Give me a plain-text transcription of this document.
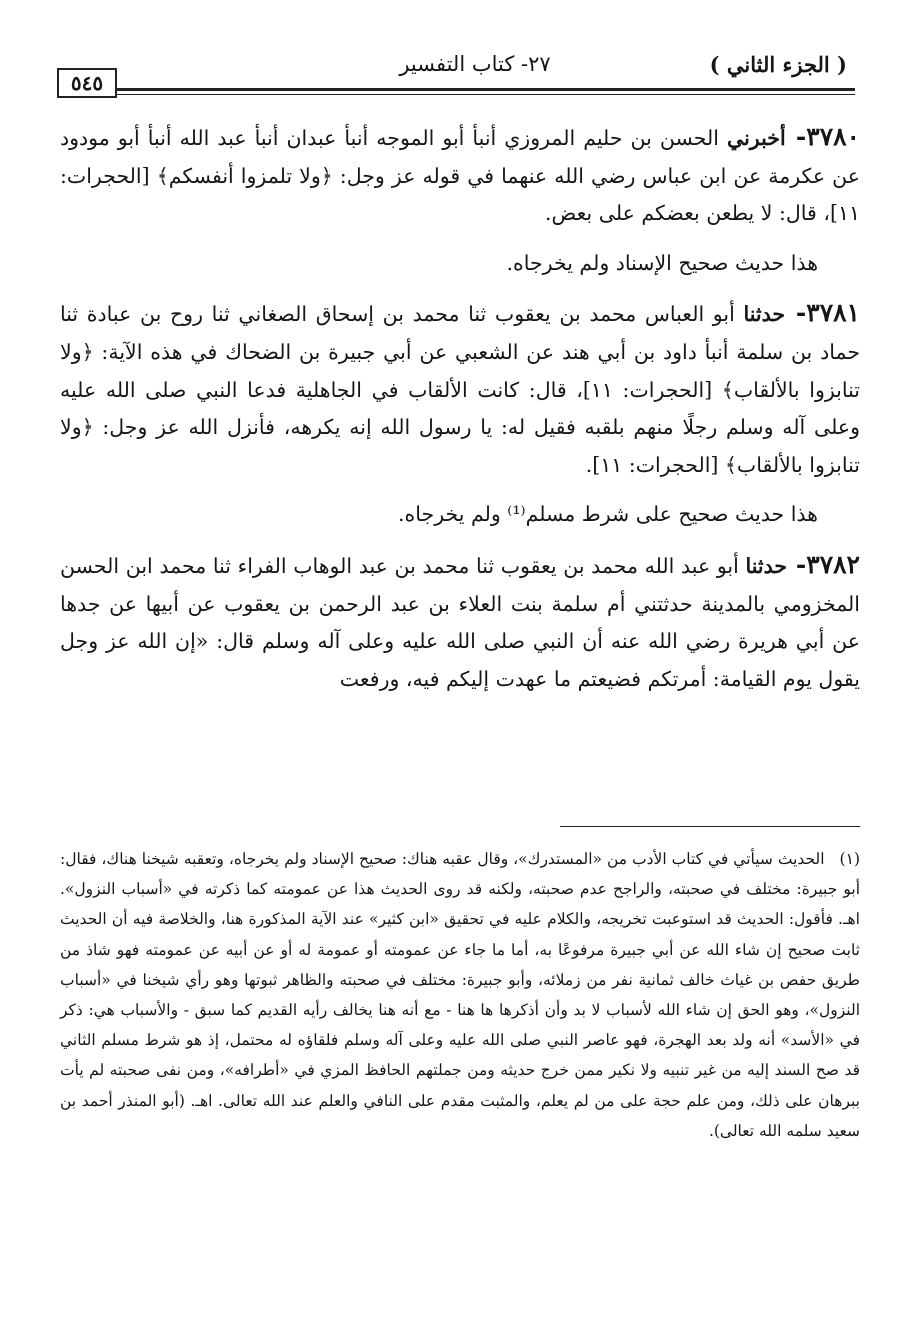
( الجزء الثاني )
٢٧- كتاب التفسير
٥٤٥

٣٧٨٠- أخبرني الحسن بن حليم المروزي أنبأ أبو الموجه أنبأ عبدان أنبأ عبد الله أنبأ أبو مودود عن عكرمة عن ابن عباس رضي الله عنهما في قوله عز وجل: ﴿ولا تلمزوا أنفسكم﴾ [الحجرات: ١١]، قال: لا يطعن بعضكم على بعض.

هذا حديث صحيح الإسناد ولم يخرجاه.

٣٧٨١- حدثنا أبو العباس محمد بن يعقوب ثنا محمد بن إسحاق الصغاني ثنا روح بن عبادة ثنا حماد بن سلمة أنبأ داود بن أبي هند عن الشعبي عن أبي جبيرة بن الضحاك في هذه الآية: ﴿ولا تنابزوا بالألقاب﴾ [الحجرات: ١١]، قال: كانت الألقاب في الجاهلية فدعا النبي صلى الله عليه وعلى آله وسلم رجلًا منهم بلقبه فقيل له: يا رسول الله إنه يكرهه، فأنزل الله عز وجل: ﴿ولا تنابزوا بالألقاب﴾ [الحجرات: ١١].

هذا حديث صحيح على شرط مسلم⁽¹⁾ ولم يخرجاه.

٣٧٨٢- حدثنا أبو عبد الله محمد بن يعقوب ثنا محمد بن عبد الوهاب الفراء ثنا محمد ابن الحسن المخزومي بالمدينة حدثتني أم سلمة بنت العلاء بن عبد الرحمن بن يعقوب عن أبيها عن جدها عن أبي هريرة رضي الله عنه أن النبي صلى الله عليه وعلى آله وسلم قال: «إن الله عز وجل يقول يوم القيامة: أمرتكم فضيعتم ما عهدت إليكم فيه، ورفعت

(١) الحديث سيأتي في كتاب الأدب من «المستدرك»، وقال عقبه هناك: صحيح الإسناد ولم يخرجاه، وتعقبه شيخنا هناك، فقال: أبو جبيرة: مختلف في صحبته، والراجح عدم صحبته، ولكنه قد روى الحديث هذا عن عمومته كما ذكرته في «أسباب النزول». اهـ. فأقول: الحديث قد استوعبت تخريجه، والكلام عليه في تحقيق «ابن كثير» عند الآية المذكورة هنا، والخلاصة فيه أن الحديث ثابت صحيح إن شاء الله عن أبي جبيرة مرفوعًا به، أما ما جاء عن عمومته أو عمومة له أو عن أبيه عن عمومته فهو شاذ من طريق حفص بن غياث خالف ثمانية نفر من زملائه، وأبو جبيرة: مختلف في صحبته والظاهر ثبوتها وهو رأي شيخنا في «أسباب النزول»، وهو الحق إن شاء الله لأسباب لا بد وأن أذكرها ها هنا - مع أنه هنا يخالف رأيه القديم كما سبق - والأسباب هي: ذكر في «الأسد» أنه ولد بعد الهجرة، فهو عاصر النبي صلى الله عليه وعلى آله وسلم فلقاؤه له محتمل، إذ هو شرط مسلم الثاني قد صح السند إليه من غير تنبيه ولا نكير ممن خرج حديثه ومن جملتهم الحافظ المزي في «أطرافه»، ومن نفى صحبته لم يأت ببرهان على ذلك، ومن علم حجة على من لم يعلم، والمثبت مقدم على النافي والعلم عند الله تعالى. اهـ. (أبو المنذر أحمد بن سعيد سلمه الله تعالى).
